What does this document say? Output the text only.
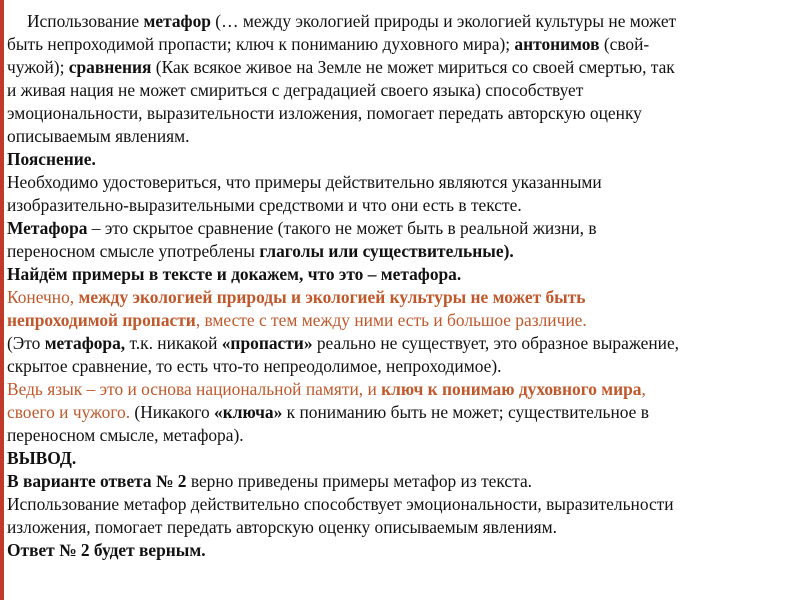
Использование метафор (… между экологией природы и экологией культуры не может
быть непроходимой пропасти; ключ к пониманию духовного мира); антонимов (свой-
чужой); сравнения (Как всякое живое на Земле не может мириться со своей смертью, так
и живая нация не может смириться с деградацией своего языка) способствует
эмоциональности, выразительности изложения, помогает передать авторскую оценку
описываемым явлениям.
Пояснение.
Необходимо удостовериться, что примеры действительно являются указанными
изобразительно-выразительными средствоми и что они есть в тексте.
Метафора – это скрытое сравнение (такого не может быть в реальной жизни, в
переносном смысле употреблены глаголы или существительные).
Найдём примеры в тексте и докажем, что это – метафора.
Конечно, между экологией природы и экологией культуры не может быть
непроходимой пропасти, вместе с тем между ними есть и большое различие.
(Это метафора, т.к. никакой «пропасти» реально не существует, это образное выражение,
скрытое сравнение, то есть что-то непреодолимое, непроходимое).
Ведь язык – это и основа национальной памяти, и ключ к понимаю духовного мира,
своего и чужого. (Никакого «ключа» к пониманию быть не может; существительное в
переносном смысле, метафора).
ВЫВОД.
В варианте ответа № 2 верно приведены примеры метафор из текста.
Использование метафор действительно способствует эмоциональности, выразительности
изложения, помогает передать авторскую оценку описываемым явлениям.
Ответ № 2 будет верным.
